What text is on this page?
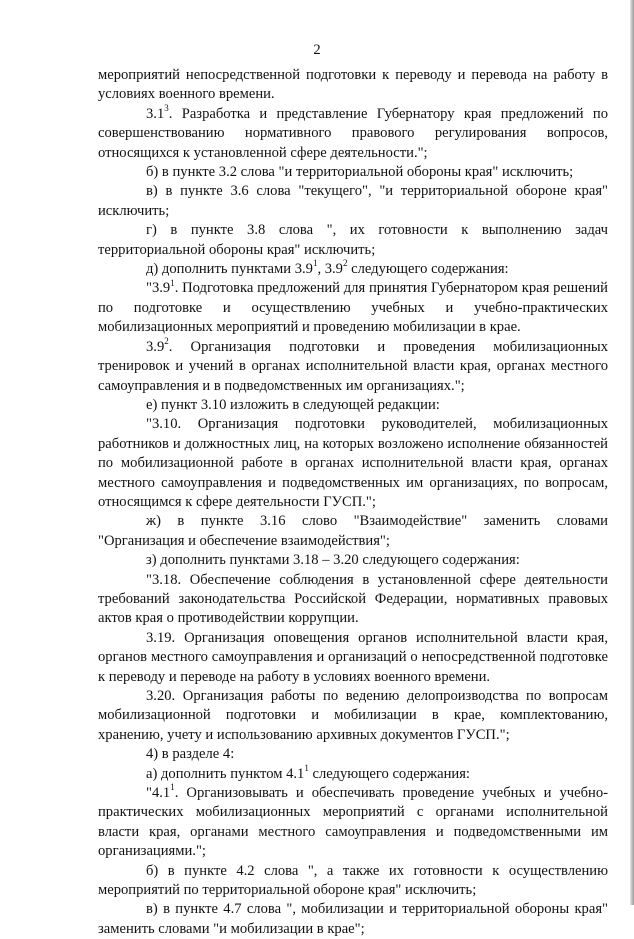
2

мероприятий непосредственной подготовки к переводу и перевода на работу в условиях военного времени.

$3.1^3$. Разработка и представление Губернатору края предложений по совершенствованию нормативного правового регулирования вопросов, относящихся к установленной сфере деятельности.";

б) в пункте 3.2 слова "и территориальной обороны края" исключить;

в) в пункте 3.6 слова "текущего", "и территориальной обороне края" исключить;

г) в пункте 3.8 слова ", их готовности к выполнению задач территориальной обороны края" исключить;

д) дополнить пунктами $3.9^1$, $3.9^2$ следующего содержания:

"$3.9^1$. Подготовка предложений для принятия Губернатором края решений по подготовке и осуществлению учебных и учебно-практических мобилизационных мероприятий и проведению мобилизации в крае.

$3.9^2$. Организация подготовки и проведения мобилизационных тренировок и учений в органах исполнительной власти края, органах местного самоуправления и в подведомственных им организациях.";

е) пункт 3.10 изложить в следующей редакции:

"3.10. Организация подготовки руководителей, мобилизационных работников и должностных лиц, на которых возложено исполнение обязанностей по мобилизационной работе в органах исполнительной власти края, органах местного самоуправления и подведомственных им организациях, по вопросам, относящимся к сфере деятельности ГУСП.";

ж) в пункте 3.16 слово "Взаимодействие" заменить словами "Организация и обеспечение взаимодействия";

з) дополнить пунктами 3.18 – 3.20 следующего содержания:

"3.18. Обеспечение соблюдения в установленной сфере деятельности требований законодательства Российской Федерации, нормативных правовых актов края о противодействии коррупции.

3.19. Организация оповещения органов исполнительной власти края, органов местного самоуправления и организаций о непосредственной подготовке к переводу и переводе на работу в условиях военного времени.

3.20. Организация работы по ведению делопроизводства по вопросам мобилизационной подготовки и мобилизации в крае, комплектованию, хранению, учету и использованию архивных документов ГУСП.";

4) в разделе 4:

а) дополнить пунктом $4.1^1$ следующего содержания:

"$4.1^1$. Организовывать и обеспечивать проведение учебных и учебно-практических мобилизационных мероприятий с органами исполнительной власти края, органами местного самоуправления и подведомственными им организациями.";

б) в пункте 4.2 слова ", а также их готовности к осуществлению мероприятий по территориальной обороне края" исключить;

в) в пункте 4.7 слова ", мобилизации и территориальной обороны края" заменить словами "и мобилизации в крае";
